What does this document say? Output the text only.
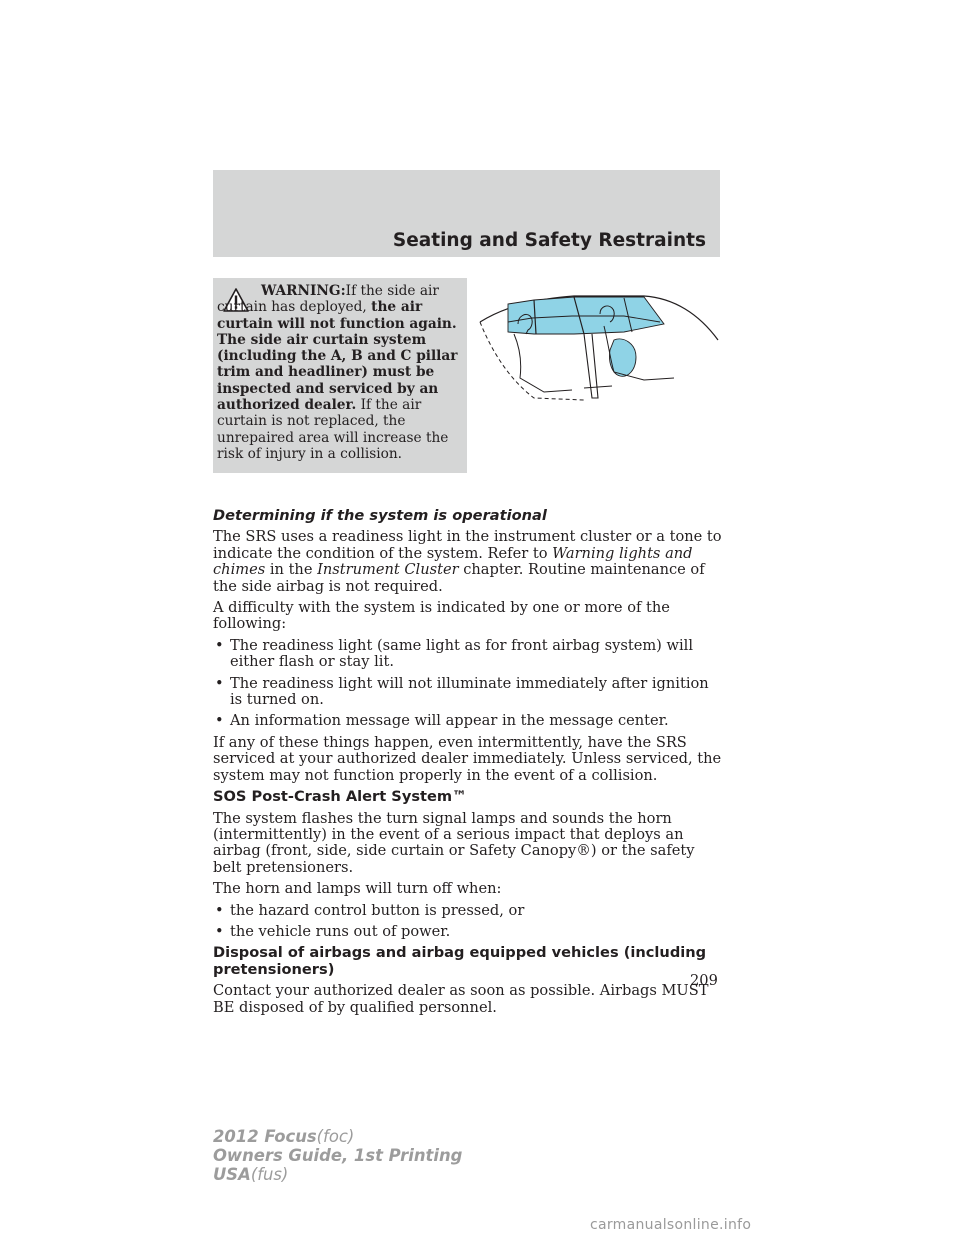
Seating and Safety Restraints

WARNING:If the side air curtain has deployed, the air curtain will not function again. The side air curtain system (including the A, B and C pillar trim and headliner) must be inspected and serviced by an authorized dealer. If the air curtain is not replaced, the unrepaired area will increase the risk of injury in a collision.

Determining if the system is operational

The SRS uses a readiness light in the instrument cluster or a tone to indicate the condition of the system. Refer to Warning lights and chimes in the Instrument Cluster chapter. Routine maintenance of the side airbag is not required.

A difficulty with the system is indicated by one or more of the following:

• The readiness light (same light as for front airbag system) will either flash or stay lit.
• The readiness light will not illuminate immediately after ignition is turned on.
• An information message will appear in the message center.

If any of these things happen, even intermittently, have the SRS serviced at your authorized dealer immediately. Unless serviced, the system may not function properly in the event of a collision.

SOS Post-Crash Alert System™

The system flashes the turn signal lamps and sounds the horn (intermittently) in the event of a serious impact that deploys an airbag (front, side, side curtain or Safety Canopy®) or the safety belt pretensioners.

The horn and lamps will turn off when:

• the hazard control button is pressed, or
• the vehicle runs out of power.

Disposal of airbags and airbag equipped vehicles (including pretensioners)

Contact your authorized dealer as soon as possible. Airbags MUST BE disposed of by qualified personnel.

209
2012 Focus(foc)
Owners Guide, 1st Printing
USA(fus)
carmanualsonline.info
